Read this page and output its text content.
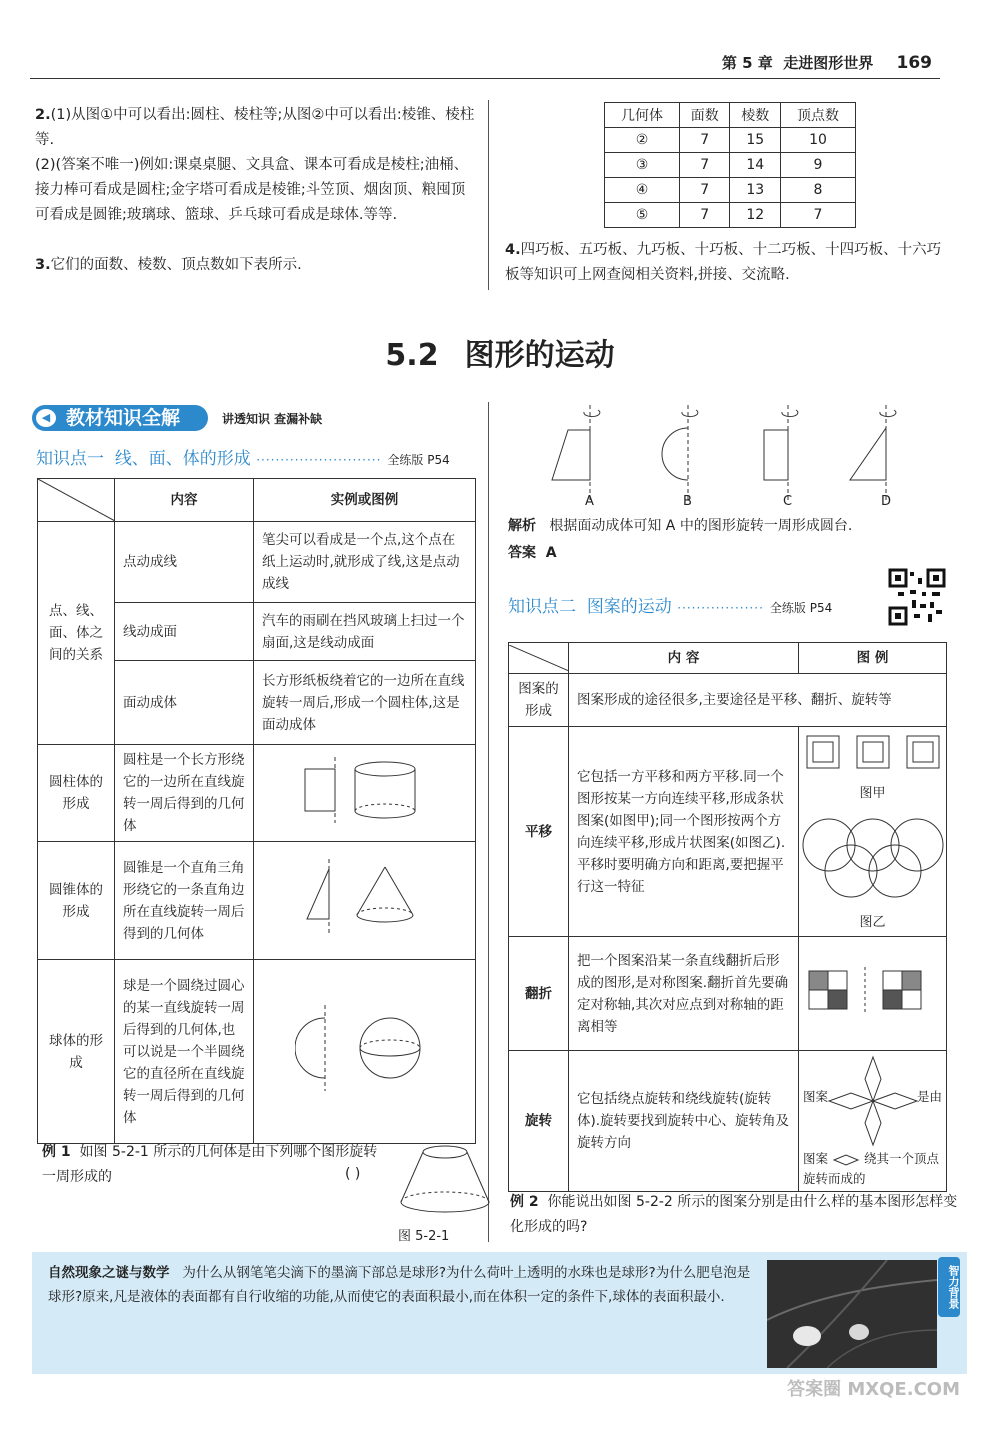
第 5 章 走进图形世界 169
2.(1)从图①中可以看出:圆柱、棱柱等;从图②中可以看出:棱锥、棱柱等.
(2)(答案不唯一)例如:课桌桌腿、文具盒、课本可看成是棱柱;油桶、接力棒可看成是圆柱;金字塔可看成是棱锥;斗笠顶、烟囱顶、粮囤顶可看成是圆锥;玻璃球、篮球、乒乓球可看成是球体.等等.
3.它们的面数、棱数、顶点数如下表所示.
几何体	面数	棱数	顶点数
②	7	15	10
③	7	14	9
④	7	13	8
⑤	7	12	7
4.四巧板、五巧板、九巧板、十巧板、十二巧板、十四巧板、十六巧板等知识可上网查阅相关资料,拼接、交流略.
5.2 图形的运动
教材知识全解
◀	讲透知识 查漏补缺
知识点一 线、面、体的形成 ·························· 全练版 P54
	内容	实例或图例
点、线、面、体之间的关系	点动成线	笔尖可以看成是一个点,这个点在纸上运动时,就形成了线,这是点动成线
	线动成面	汽车的雨刷在挡风玻璃上扫过一个扇面,这是线动成面
	面动成体	长方形纸板绕着它的一边所在直线旋转一周后,形成一个圆柱体,这是面动成体
圆柱体的形成	圆柱是一个长方形绕它的一边所在直线旋转一周后得到的几何体	
圆锥体的形成	圆锥是一个直角三角形绕它的一条直角边所在直线旋转一周后得到的几何体	
球体的形成	球是一个圆绕过圆心的某一直线旋转一周后得到的几何体,也可以说是一个半圆绕它的直径所在直线旋转一周后得到的几何体	
例 1 如图 5-2-1 所示的几何体是由下列哪个图形旋转一周形成的	( )
图 5-2-1
A	B	C	D
解析 根据面动成体可知 A 中的图形旋转一周形成圆台.
答案 A
知识点二 图案的运动 ·················· 全练版 P54
	内 容	图 例
图案的形成	图案形成的途径很多,主要途径是平移、翻折、旋转等	
平移	它包括一方平移和两方平移.同一个图形按某一方向连续平移,形成条状图案(如图甲);同一个图形按两个方向连续平移,形成片状图案(如图乙).平移时要明确方向和距离,要把握平行这一特征	图甲
图乙

翻折	把一个图案沿某一条直线翻折后形成的图形,是对称图案.翻折首先要确定对称轴,其次对应点到对称轴的距离相等	
旋转	它包括绕点旋转和绕线旋转(旋转体).旋转要找到旋转中心、旋转角及旋转方向	图案 是由
图案 绕其一个顶点旋转而成的
例 2 你能说出如图 5-2-2 所示的图案分别是由什么样的基本图形怎样变化形成的吗?
自然现象之谜与数学 为什么从钢笔笔尖滴下的墨滴下部总是球形?为什么荷叶上透明的水珠也是球形?为什么肥皂泡是球形?原来,凡是液体的表面都有自行收缩的功能,从而使它的表面积最小,而在体积一定的条件下,球体的表面积最小.	智力背景
答案圈 MXQE.COM
